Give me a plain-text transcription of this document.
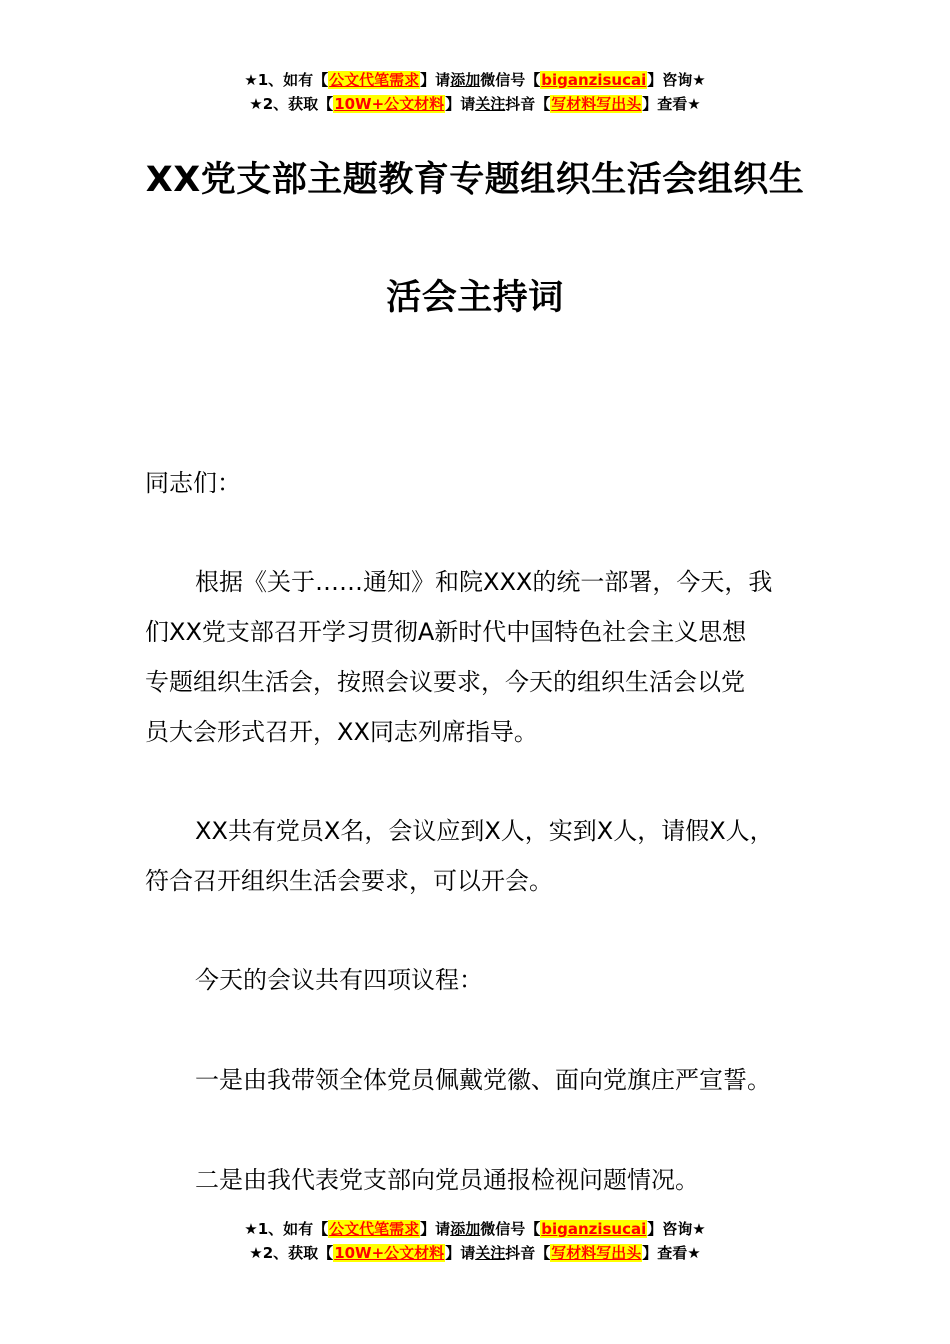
★1、如有【公文代笔需求】请添加微信号【biganzisucai】咨询★
★2、获取【10W+公文材料】请关注抖音【写材料写出头】查看★
XX党支部主题教育专题组织生活会组织生
活会主持词

同志们：

根据《关于……通知》和院XXX的统一部署，今天，我
们XX党支部召开学习贯彻A新时代中国特色社会主义思想
专题组织生活会，按照会议要求，今天的组织生活会以党
员大会形式召开，XX同志列席指导。
XX共有党员X名，会议应到X人，实到X人，请假X人，
符合召开组织生活会要求，可以开会。

今天的会议共有四项议程：

一是由我带领全体党员佩戴党徽、面向党旗庄严宣誓。

二是由我代表党支部向党员通报检视问题情况。

★1、如有【公文代笔需求】请添加微信号【biganzisucai】咨询★
★2、获取【10W+公文材料】请关注抖音【写材料写出头】查看★
